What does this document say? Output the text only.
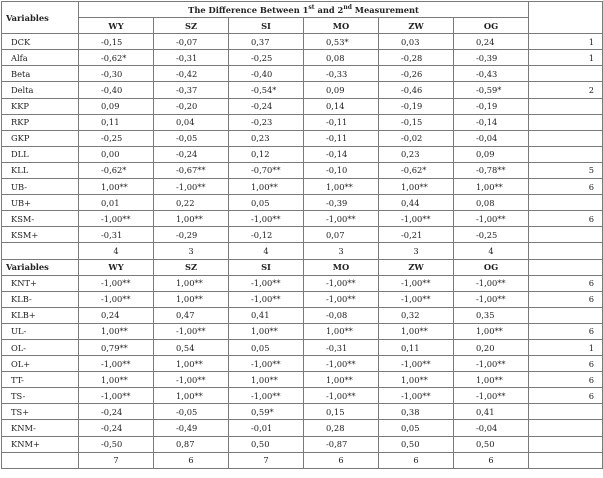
Variables	The Difference Between 1st and 2nd Measurement						
	WY	SZ	SI	MO	ZW	OG	
DCK	-0,15	-0,07	0,37	0,53*	0,03	0,24	1
Alfa	-0,62*	-0,31	-0,25	0,08	-0,28	-0,39	1
Beta	-0,30	-0,42	-0,40	-0,33	-0,26	-0,43	
Delta	-0,40	-0,37	-0,54*	0,09	-0,46	-0,59*	2
KKP	0,09	-0,20	-0,24	0,14	-0,19	-0,19	
RKP	0,11	0,04	-0,23	-0,11	-0,15	-0,14	
GKP	-0,25	-0,05	0,23	-0,11	-0,02	-0,04	
DLL	0,00	-0,24	0,12	-0,14	0,23	0,09	
KLL	-0,62*	-0,67**	-0,70**	-0,10	-0,62*	-0,78**	5
UB-	1,00**	-1,00**	1,00**	1,00**	1,00**	1,00**	6
UB+	0,01	0,22	0,05	-0,39	0,44	0,08	
KSM-	-1,00**	1,00**	-1,00**	-1,00**	-1,00**	-1,00**	6
KSM+	-0,31	-0,29	-0,12	0,07	-0,21	-0,25	
	4	3	4	3	3	4	
Variables	WY	SZ	SI	MO	ZW	OG	
KNT+	-1,00**	1,00**	-1,00**	-1,00**	-1,00**	-1,00**	6
KLB-	-1,00**	1,00**	-1,00**	-1,00**	-1,00**	-1,00**	6
KLB+	0,24	0,47	0,41	-0,08	0,32	0,35	
UL-	1,00**	-1,00**	1,00**	1,00**	1,00**	1,00**	6
OL-	0,79**	0,54	0,05	-0,31	0,11	0,20	1
OL+	-1,00**	1,00**	-1,00**	-1,00**	-1,00**	-1,00**	6
TT-	1,00**	-1,00**	1,00**	1,00**	1,00**	1,00**	6
TS-	-1,00**	1,00**	-1,00**	-1,00**	-1,00**	-1,00**	6
TS+	-0,24	-0,05	0,59*	0,15	0,38	0,41	
KNM-	-0,24	-0,49	-0,01	0,28	0,05	-0,04	
KNM+	-0,50	0,87	0,50	-0,87	0,50	0,50	
	7	6	7	6	6	6	
